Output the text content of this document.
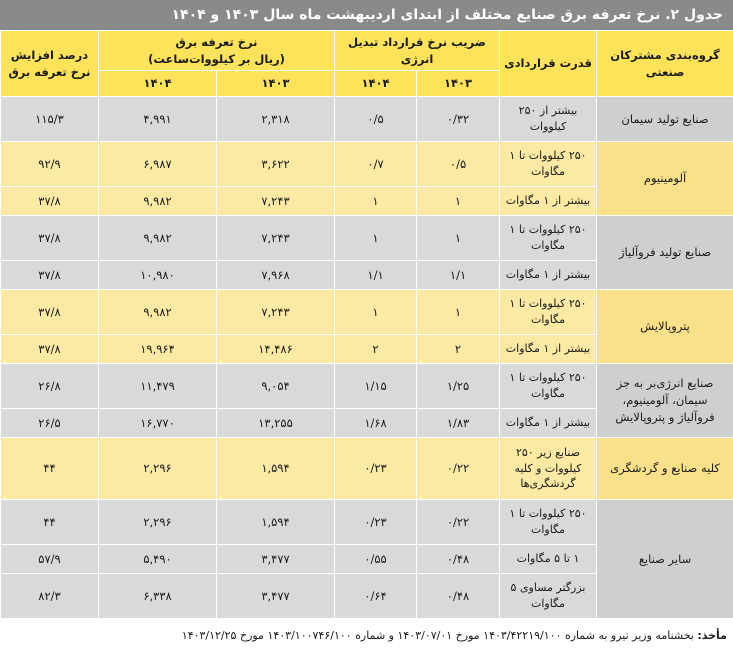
جدول ۲. نرخ تعرفه برق صنایع مختلف از ابتدای اردیبهشت ماه سال ۱۴۰۳ و ۱۴۰۴
گروه‌بندی مشترکان صنعتی	قدرت قراردادی	ضریب نرخ قرارداد تبدیل انرژی		نرخ تعرفه برق
(ریال بر کیلووات‌ساعت)		درصد افزایش نرخ تعرفه برق
		۱۴۰۳	۱۴۰۴	۱۴۰۳	۱۴۰۴	
صنایع تولید سیمان	بیشتر از ۲۵۰ کیلووات	۰/۳۲	۰/۵	۲,۳۱۸	۴,۹۹۱	۱۱۵/۳
آلومینیوم	۲۵۰ کیلووات تا ۱ مگاوات	۰/۵	۰/۷	۳,۶۲۲	۶,۹۸۷	۹۲/۹
	بیشتر از ۱ مگاوات	۱	۱	۷,۲۴۳	۹,۹۸۲	۳۷/۸
صنایع تولید فروآلیاژ	۲۵۰ کیلووات تا ۱ مگاوات	۱	۱	۷,۲۴۳	۹,۹۸۲	۳۷/۸
	بیشتر از ۱ مگاوات	۱/۱	۱/۱	۷,۹۶۸	۱۰,۹۸۰	۳۷/۸
پتروپالایش	۲۵۰ کیلووات تا ۱ مگاوات	۱	۱	۷,۲۴۳	۹,۹۸۲	۳۷/۸
	بیشتر از ۱ مگاوات	۲	۲	۱۴,۴۸۶	۱۹,۹۶۴	۳۷/۸
صنایع انرژی‌بر به جز سیمان، آلومینیوم، فروآلیاژ و پتروپالایش	۲۵۰ کیلووات تا ۱ مگاوات	۱/۲۵	۱/۱۵	۹,۰۵۴	۱۱,۴۷۹	۲۶/۸
	بیشتر از ۱ مگاوات	۱/۸۳	۱/۶۸	۱۳,۲۵۵	۱۶,۷۷۰	۲۶/۵
کلیه صنایع و گردشگری	صنایع زیر ۲۵۰ کیلووات و کلیه گردشگری‌ها	۰/۲۲	۰/۲۳	۱,۵۹۴	۲,۲۹۶	۴۴
سایر صنایع	۲۵۰ کیلووات تا ۱ مگاوات	۰/۲۲	۰/۲۳	۱,۵۹۴	۲,۲۹۶	۴۴
	۱ تا ۵ مگاوات	۰/۴۸	۰/۵۵	۳,۴۷۷	۵,۴۹۰	۵۷/۹
	بزرگتر مساوی ۵ مگاوات	۰/۴۸	۰/۶۴	۳,۴۷۷	۶,۳۳۸	۸۲/۳
مأخذ: بخشنامه وزیر نیرو به شماره ۱۴۰۳/۴۲۲۱۹/۱۰۰ مورخ ۱۴۰۳/۰۷/۰۱ و شماره ۱۴۰۳/۱۰۰۷۴۶/۱۰۰ مورخ ۱۴۰۳/۱۲/۲۵
